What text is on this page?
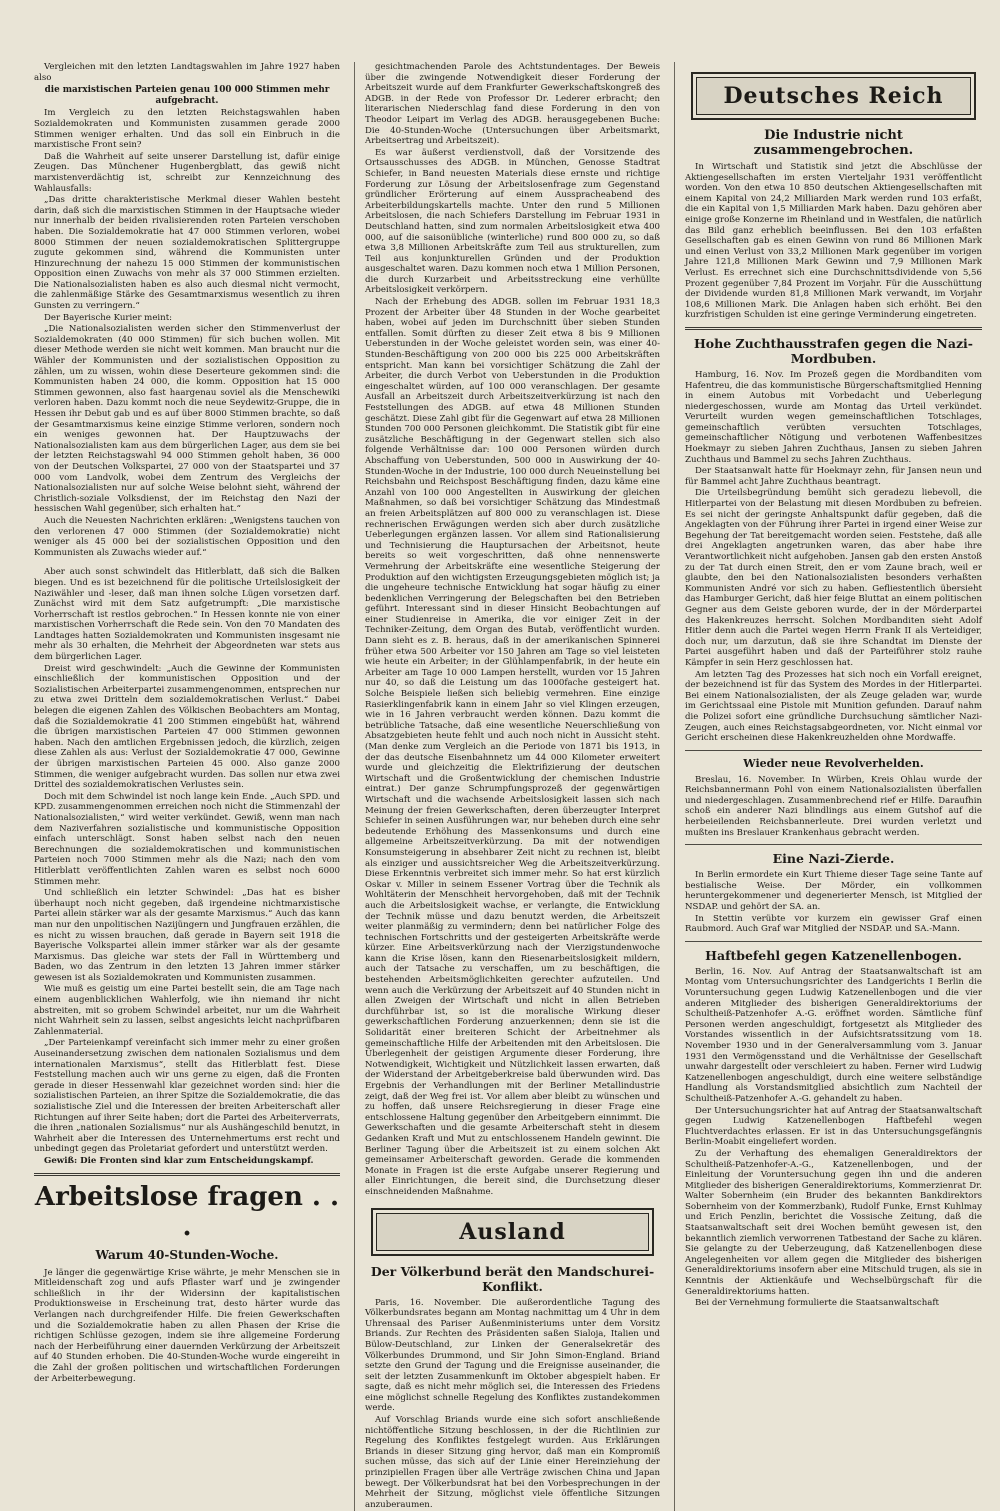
Vergleichen mit den letzten Landtagswahlen im Jahre 1927 haben also

die marxistischen Parteien genau 100 000 Stimmen mehr aufgebracht.

Im Vergleich zu den letzten Reichstagswahlen haben Sozialdemokraten und Kommunisten zusammen gerade 2000 Stimmen weniger erhalten. Und das soll ein Einbruch in die marxistische Front sein?

Daß die Wahrheit auf seite unserer Darstellung ist, dafür einige Zeugen. Das Münchener Hugenbergblatt, das gewiß nicht marxistenverdächtig ist, schreibt zur Kennzeichnung des Wahlausfalls:

„Das dritte charakteristische Merkmal dieser Wahlen besteht darin, daß sich die marxistischen Stimmen in der Hauptsache wieder nur innerhalb der beiden rivalisierenden roten Parteien verschoben haben. Die Sozialdemokratie hat 47 000 Stimmen verloren, wobei 8000 Stimmen der neuen sozialdemokratischen Splittergruppe zugute gekommen sind, während die Kommunisten unter Hinzurechnung der nahezu 15 000 Stimmen der kommunistischen Opposition einen Zuwachs von mehr als 37 000 Stimmen erzielten. Die Nationalsozialisten haben es also auch diesmal nicht vermocht, die zahlenmäßige Stärke des Gesamtmarxismus wesentlich zu ihren Gunsten zu verringern.“

Der Bayerische Kurier meint:

„Die Nationalsozialisten werden sicher den Stimmenverlust der Sozialdemokraten (40 000 Stimmen) für sich buchen wollen. Mit dieser Methode werden sie nicht weit kommen. Man braucht nur die Wähler der Kommunisten und der sozialistischen Opposition zu zählen, um zu wissen, wohin diese Deserteure gekommen sind: die Kommunisten haben 24 000, die komm. Opposition hat 15 000 Stimmen gewonnen, also fast haargenau soviel als die Menschewiki verloren haben. Dazu kommt noch die neue Seydewitz-Gruppe, die in Hessen ihr Debut gab und es auf über 8000 Stimmen brachte, so daß der Gesamtmarxismus keine einzige Stimme verloren, sondern noch ein weniges gewonnen hat. Der Hauptzuwachs der Nationalsozialisten kam aus dem bürgerlichen Lager, aus dem sie bei der letzten Reichstagswahl 94 000 Stimmen geholt haben, 36 000 von der Deutschen Volkspartei, 27 000 von der Staatspartei und 37 000 vom Landvolk, wobei dem Zentrum des Vergleichs der Nationalsozialisten nur auf solche Weise belohnt sieht, während der Christlich-soziale Volksdienst, der im Reichstag den Nazi der hessischen Wahl gegenüber, sich erhalten hat.“

Auch die Neuesten Nachrichten erklären: „Wenigstens tauchen von den verlorenen 47 000 Stimmen (der Sozialdemokratie) nicht weniger als 45 000 bei der sozialistischen Opposition und den Kommunisten als Zuwachs wieder auf.“

Aber auch sonst schwindelt das Hitlerblatt, daß sich die Balken biegen. Und es ist bezeichnend für die politische Urteilslosigkeit der Naziwähler und -leser, daß man ihnen solche Lügen vorsetzen darf. Zunächst wird mit dem Satz aufgetrumpft: „Die marxistische Vorherrschaft ist restlos gebrochen.“ In Hessen konnte nie von einer marxistischen Vorherrschaft die Rede sein. Von den 70 Mandaten des Landtages hatten Sozialdemokraten und Kommunisten insgesamt nie mehr als 30 erhalten, die Mehrheit der Abgeordneten war stets aus dem bürgerlichen Lager.

Dreist wird geschwindelt: „Auch die Gewinne der Kommunisten einschließlich der kommunistischen Opposition und der Sozialistischen Arbeiterpartei zusammengenommen, entsprechen nur zu etwa zwei Dritteln dem sozialdemokratischen Verlust.“ Dabei belegen die eigenen Zahlen des Völkischen Beobachters am Montag, daß die Sozialdemokratie 41 200 Stimmen eingebüßt hat, während die übrigen marxistischen Parteien 47 000 Stimmen gewonnen haben. Nach den amtlichen Ergebnissen jedoch, die kürzlich, zeigen diese Zahlen als aus: Verlust der Sozialdemokratie 47 000, Gewinne der übrigen marxistischen Parteien 45 000. Also ganze 2000 Stimmen, die weniger aufgebracht wurden. Das sollen nur etwa zwei Drittel des sozialdemokratischen Verlustes sein.

Doch mit dem Schwindel ist noch lange kein Ende. „Auch SPD. und KPD. zusammengenommen erreichen noch nicht die Stimmenzahl der Nationalsozialisten,“ wird weiter verkündet. Gewiß, wenn man nach dem Naziverfahren sozialistische und kommunistische Opposition einfach unterschlägt. Sonst haben selbst nach den neuen Berechnungen die sozialdemokratischen und kommunistischen Parteien noch 7000 Stimmen mehr als die Nazi; nach den vom Hitlerblatt veröffentlichten Zahlen waren es selbst noch 6000 Stimmen mehr.

Und schließlich ein letzter Schwindel: „Das hat es bisher überhaupt noch nicht gegeben, daß irgendeine nichtmarxistische Partei allein stärker war als der gesamte Marxismus.“ Auch das kann man nur den unpolitischen Nazijüngern und Jungfrauen erzählen, die es nicht zu wissen brauchen, daß gerade in Bayern seit 1918 die Bayerische Volkspartei allein immer stärker war als der gesamte Marxismus. Das gleiche war stets der Fall in Württemberg und Baden, wo das Zentrum in den letzten 13 Jahren immer stärker gewesen ist als Sozialdemokraten und Kommunisten zusammen.

Wie muß es geistig um eine Partei bestellt sein, die am Tage nach einem augenblicklichen Wahlerfolg, wie ihn niemand ihr nicht abstreiten, mit so grobem Schwindel arbeitet, nur um die Wahrheit nicht Wahrheit sein zu lassen, selbst angesichts leicht nachprüfbaren Zahlenmaterial.

„Der Parteienkampf vereinfacht sich immer mehr zu einer großen Auseinandersetzung zwischen dem nationalen Sozialismus und dem internationalen Marxismus“, stellt das Hitlerblatt fest. Diese Feststellung machen auch wir uns gerne zu eigen, daß die Fronten gerade in dieser Hessenwahl klar gezeichnet worden sind: hier die sozialistischen Parteien, an ihrer Spitze die Sozialdemokratie, die das sozialistische Ziel und die Interessen der breiten Arbeiterschaft aller Richtungen auf ihrer Seite haben; dort die Partei des Arbeiterverrats, die ihren „nationalen Sozialismus“ nur als Aushängeschild benutzt, in Wahrheit aber die Interessen des Unternehmertums erst recht und unbedingt gegen das Proletariat gefordert und unterstützt werden.

Gewiß: Die Fronten sind klar zum Entscheidungskampf.

Arbeitslose fragen . . .
Warum 40-Stunden-Woche.

Je länger die gegenwärtige Krise währte, je mehr Menschen sie in Mitleidenschaft zog und aufs Pflaster warf und je zwingender schließlich in ihr der Widersinn der kapitalistischen Produktionsweise in Erscheinung trat, desto härter wurde das Verlangen nach durchgreifender Hilfe. Die freien Gewerkschaften und die Sozialdemokratie haben zu allen Phasen der Krise die richtigen Schlüsse gezogen, indem sie ihre allgemeine Forderung nach der Herbeiführung einer dauernden Verkürzung der Arbeitszeit auf 40 Stunden erhoben. Die 40-Stunden-Woche wurde eingereiht in die Zahl der großen politischen und wirtschaftlichen Forderungen der Arbeiterbewegung.

gesichtmachenden Parole des Achtstundentages. Der Beweis über die zwingende Notwendigkeit dieser Forderung der Arbeitszeit wurde auf dem Frankfurter Gewerkschaftskongreß des ADGB. in der Rede von Professor Dr. Lederer erbracht; den literarischen Niederschlag fand diese Forderung in den von Theodor Leipart im Verlag des ADGB. herausgegebenen Buche: Die 40-Stunden-Woche (Untersuchungen über Arbeitsmarkt, Arbeitsertrag und Arbeitszeit).

Es war äußerst verdienstvoll, daß der Vorsitzende des Ortsausschusses des ADGB. in München, Genosse Stadtrat Schiefer, in Band neuesten Materials diese ernste und richtige Forderung zur Lösung der Arbeitslosenfrage zum Gegenstand gründlicher Erörterung auf einem Ausspracheabend des Arbeiterbildungskartells machte. Unter den rund 5 Millionen Arbeitslosen, die nach Schiefers Darstellung im Februar 1931 in Deutschland hatten, sind zum normalen Arbeitslosigkeit etwa 400 000, auf die saisonübliche (winterliche) rund 800 000 zu, so daß etwa 3,8 Millionen Arbeitskräfte zum Teil aus strukturellen, zum Teil aus konjunkturellen Gründen und der Produktion ausgeschaltet waren. Dazu kommen noch etwa 1 Million Personen, die durch Kurzarbeit und Arbeitsstreckung eine verhüllte Arbeitslosigkeit verkörpern.

Nach der Erhebung des ADGB. sollen im Februar 1931 18,3 Prozent der Arbeiter über 48 Stunden in der Woche gearbeitet haben, wobei auf jeden im Durchschnitt über sieben Stunden entfallen. Somit dürften zu dieser Zeit etwa 8 bis 9 Millionen Ueberstunden in der Woche geleistet worden sein, was einer 40-Stunden-Beschäftigung von 200 000 bis 225 000 Arbeitskräften entspricht. Man kann bei vorsichtiger Schätzung die Zahl der Arbeiter, die durch Verbot von Ueberstunden in die Produktion eingeschaltet würden, auf 100 000 veranschlagen. Der gesamte Ausfall an Arbeitszeit durch Arbeitszeitverkürzung ist nach den Feststellungen des ADGB. auf etwa 48 Millionen Stunden geschätzt. Diese Zahl gibt für die Gegenwart auf etwa 28 Millionen Stunden 700 000 Personen gleichkommt. Die Statistik gibt für eine zusätzliche Beschäftigung in der Gegenwart stellen sich also folgende Verhältnisse dar: 100 000 Personen würden durch Abschaffung von Ueberstunden, 500 000 in Auswirkung der 40-Stunden-Woche in der Industrie, 100 000 durch Neueinstellung bei Reichsbahn und Reichspost Beschäftigung finden, dazu käme eine Anzahl von 100 000 Angestellten in Auswirkung der gleichen Maßnahmen, so daß bei vorsichtiger Schätzung das Mindestmaß an freien Arbeitsplätzen auf 800 000 zu veranschlagen ist. Diese rechnerischen Erwägungen werden sich aber durch zusätzliche Ueberlegungen ergänzen lassen. Vor allem sind Rationalisierung und Technisierung die Hauptursachen der Arbeitsnot, heute bereits so weit vorgeschritten, daß ohne nennenswerte Vermehrung der Arbeitskräfte eine wesentliche Steigerung der Produktion auf den wichtigsten Erzeugungsgebieten möglich ist; ja die ungeheure technische Entwicklung hat sogar häufig zu einer bedenklichen Verringerung der Belegschaften bei den Betrieben geführt. Interessant sind in dieser Hinsicht Beobachtungen auf einer Studienreise in Amerika, die vor einiger Zeit in der Techniker-Zeitung, dem Organ des Butab, veröffentlicht wurden. Dann sieht es z. B. heraus, daß in der amerikanischen Spinnerei früher etwa 500 Arbeiter vor 150 Jahren am Tage so viel leisteten wie heute ein Arbeiter; in der Glühlampenfabrik, in der heute ein Arbeiter am Tage 10 000 Lampen herstellt, wurden vor 15 Jahren nur 40, so daß die Leistung um das 1000fache gesteigert hat. Solche Beispiele ließen sich beliebig vermehren. Eine einzige Rasierklingenfabrik kann in einem Jahr so viel Klingen erzeugen, wie in 16 Jahren verbraucht werden können. Dazu kommt die betrübliche Tatsache, daß eine wesentliche Neuerschließung von Absatzgebieten heute fehlt und auch noch nicht in Aussicht steht. (Man denke zum Vergleich an die Periode von 1871 bis 1913, in der das deutsche Eisenbahnnetz um 44 000 Kilometer erweitert wurde und gleichzeitig die Elektrifizierung der deutschen Wirtschaft und die Großentwicklung der chemischen Industrie eintrat.) Der ganze Schrumpfungsprozeß der gegenwärtigen Wirtschaft und die wachsende Arbeitslosigkeit lassen sich nach Meinung der freien Gewerkschaften, deren überzeugter Interpret Schiefer in seinen Ausführungen war, nur beheben durch eine sehr bedeutende Erhöhung des Massenkonsums und durch eine allgemeine Arbeitszeitverkürzung. Da mit der notwendigen Konsumsteigerung in absehbarer Zeit nicht zu rechnen ist, bleibt als einziger und aussichtsreicher Weg die Arbeitszeitverkürzung. Diese Erkenntnis verbreitet sich immer mehr. So hat erst kürzlich Oskar v. Miller in seinem Essener Vortrag über die Technik als Wohltäterin der Menschheit hervorgehoben, daß mit der Technik auch die Arbeitslosigkeit wachse, er verlangte, die Entwicklung der Technik müsse und dazu benutzt werden, die Arbeitszeit weiter planmäßig zu vermindern; denn bei natürlicher Folge des technischen Fortschritts und der gesteigerten Arbeitskräfte werde kürzer. Eine Arbeitsverkürzung nach der Vierzigstundenwoche kann die Krise lösen, kann den Riesenarbeitslosigkeit mildern, auch der Tatsache zu verschaffen, um zu beschäftigen, die bestehenden Arbeitsmöglichkeiten gerechter aufzuteilen. Und wenn auch die Verkürzung der Arbeitszeit auf 40 Stunden nicht in allen Zweigen der Wirtschaft und nicht in allen Betrieben durchführbar ist, so ist die moralische Wirkung dieser gewerkschaftlichen Forderung anzuerkennen; denn sie ist die Solidarität einer breiteren Schicht der Arbeitnehmer als gemeinschaftliche Hilfe der Arbeitenden mit den Arbeitslosen. Die Überlegenheit der geistigen Argumente dieser Forderung, ihre Notwendigkeit, Wichtigkeit und Nützlichkeit lassen erwarten, daß der Widerstand der Arbeitgeberkreise bald überwunden wird. Das Ergebnis der Verhandlungen mit der Berliner Metallindustrie zeigt, daß der Weg frei ist. Vor allem aber bleibt zu wünschen und zu hoffen, daß unsere Reichsregierung in dieser Frage eine entschlossene Haltung gegenüber den Arbeitgebern einnimmt. Die Gewerkschaften und die gesamte Arbeiterschaft steht in diesem Gedanken Kraft und Mut zu entschlossenem Handeln gewinnt. Die Berliner Tagung über die Arbeitszeit ist zu einem solchen Akt gemeinsamer Arbeiterschaft geworden. Gerade die kommenden Monate in Fragen ist die erste Aufgabe unserer Regierung und aller Einrichtungen, die bereit sind, die Durchsetzung dieser einschneidenden Maßnahme.

Ausland
Der Völkerbund berät den Mandschurei-Konflikt.

Paris, 16. November. Die außerordentliche Tagung des Völkerbundsrates begann am Montag nachmittag um 4 Uhr in dem Uhrensaal des Pariser Außenministeriums unter dem Vorsitz Briands. Zur Rechten des Präsidenten saßen Sialoja, Italien und Bülow-Deutschland, zur Linken der Generalsekretär des Völkerbundes Drummond, und Sir John Simon-England. Briand setzte den Grund der Tagung und die Ereignisse auseinander, die seit der letzten Zusammenkunft im Oktober abgespielt haben. Er sagte, daß es nicht mehr möglich sei, die Interessen des Friedens eine möglichst schnelle Regelung des Konfliktes zustandekommen werde.

Auf Vorschlag Briands wurde eine sich sofort anschließende nichtöffentliche Sitzung beschlossen, in der die Richtlinien zur Regelung des Konfliktes festgelegt wurden. Aus Erklärungen Briands in dieser Sitzung ging hervor, daß man ein Kompromiß suchen müsse, das sich auf der Linie einer Hereinziehung der prinzipiellen Fragen über alle Verträge zwischen China und Japan bewegt. Der Völkerbundsrat hat bei den Vorbesprechungen in der Mehrheit der Sitzung, möglichst viele öffentliche Sitzungen anzuberaumen.

Deutsches Reich
Die Industrie nicht zusammengebrochen.

In Wirtschaft und Statistik sind jetzt die Abschlüsse der Aktiengesellschaften im ersten Vierteljahr 1931 veröffentlicht worden. Von den etwa 10 850 deutschen Aktiengesellschaften mit einem Kapital von 24,2 Milliarden Mark werden rund 103 erfaßt, die ein Kapital von 1,5 Milliarden Mark haben. Dazu gehören aber einige große Konzerne im Rheinland und in Westfalen, die natürlich das Bild ganz erheblich beeinflussen. Bei den 103 erfaßten Gesellschaften gab es einen Gewinn von rund 86 Millionen Mark und einen Verlust von 33,2 Millionen Mark gegenüber im vorigen Jahre 121,8 Millionen Mark Gewinn und 7,9 Millionen Mark Verlust. Es errechnet sich eine Durchschnittsdividende von 5,56 Prozent gegenüber 7,84 Prozent im Vorjahr. Für die Ausschüttung der Dividende wurden 81,8 Millionen Mark verwandt, im Vorjahr 108,6 Millionen Mark. Die Anlagen haben sich erhöht. Bei den kurzfristigen Schulden ist eine geringe Verminderung eingetreten.

Hohe Zuchthausstrafen gegen die Nazi-Mordbuben.

Hamburg, 16. Nov. Im Prozeß gegen die Mordbanditen vom Hafentreu, die das kommunistische Bürgerschaftsmitglied Henning in einem Autobus mit Vorbedacht und Ueberlegung niedergeschossen, wurde am Montag das Urteil verkündet. Verurteilt wurden wegen gemeinschaftlichen Totschlages, gemeinschaftlich verübten versuchten Totschlages, gemeinschaftlicher Nötigung und verbotenen Waffenbesitzes Hoekmayr zu sieben Jahren Zuchthaus, Jansen zu sieben Jahren Zuchthaus und Bammel zu sechs Jahren Zuchthaus.

Der Staatsanwalt hatte für Hoekmayr zehn, für Jansen neun und für Bammel acht Jahre Zuchthaus beantragt.

Die Urteilsbegründung bemüht sich geradezu liebevoll, die Hitlerpartei von der Belastung mit diesen Mordbuben zu befreien. Es sei nicht der geringste Anhaltspunkt dafür gegeben, daß die Angeklagten von der Führung ihrer Partei in irgend einer Weise zur Begehung der Tat bereitgemacht worden seien. Feststehe, daß alle drei Angeklagten angetrunken waren, das aber habe ihre Verantwortlichkeit nicht aufgehoben. Jansen gab den ersten Anstoß zu der Tat durch einen Streit, den er vom Zaune brach, weil er glaubte, den bei den Nationalsozialisten besonders verhaßten Kommunisten André vor sich zu haben. Gefliestentlich übersieht das Hamburger Gericht, daß hier feige Bluttat an einem politischen Gegner aus dem Geiste geboren wurde, der in der Mörderpartei des Hakenkreuzes herrscht. Solchen Mordbanditen sieht Adolf Hitler denn auch die Partei wegen Herrn Frank II als Verteidiger, doch nur, um darzutun, daß sie ihre Schandtat im Dienste der Partei ausgeführt haben und daß der Parteiführer stolz rauhe Kämpfer in sein Herz geschlossen hat.

Am letzten Tag des Prozesses hat sich noch ein Vorfall ereignet, der bezeichnend ist für das System des Mordes in der Hitlerpartei. Bei einem Nationalsozialisten, der als Zeuge geladen war, wurde im Gerichtssaal eine Pistole mit Munition gefunden. Darauf nahm die Polizei sofort eine gründliche Durchsuchung sämtlicher Nazi-Zeugen, auch eines Reichstagsabgeordneten, vor. Nicht einmal vor Gericht erscheinen diese Hakenkreuzhelden ohne Mordwaffe.

Wieder neue Revolverhelden.

Breslau, 16. November. In Würben, Kreis Ohlau wurde der Reichsbannermann Pohl von einem Nationalsozialisten überfallen und niedergeschlagen. Zusammenbrechend rief er Hilfe. Daraufhin schoß ein anderer Nazi blindlings aus einem Gutshof auf die herbeieilenden Reichsbannerleute. Drei wurden verletzt und mußten ins Breslauer Krankenhaus gebracht werden.

Eine Nazi-Zierde.

In Berlin ermordete ein Kurt Thieme dieser Tage seine Tante auf bestialische Weise. Der Mörder, ein vollkommen heruntergekommener und degenerierter Mensch, ist Mitglied der NSDAP. und gehört der SA. an.

In Stettin verübte vor kurzem ein gewisser Graf einen Raubmord. Auch Graf war Mitglied der NSDAP. und SA.-Mann.

Haftbefehl gegen Katzenellenbogen.

Berlin, 16. Nov. Auf Antrag der Staatsanwaltschaft ist am Montag vom Untersuchungsrichter des Landgerichts I Berlin die Voruntersuchung gegen Ludwig Katzenellenbogen und die vier anderen Mitglieder des bisherigen Generaldirektoriums der Schultheiß-Patzenhofer A.-G. eröffnet worden. Sämtliche fünf Personen werden angeschuldigt, fortgesetzt als Mitglieder des Vorstandes wissentlich in der Aufsichtsratssitzung vom 18. November 1930 und in der Generalversammlung vom 3. Januar 1931 den Vermögensstand und die Verhältnisse der Gesellschaft unwahr dargestellt oder verschleiert zu haben. Ferner wird Ludwig Katzenellenbogen angeschuldigt, durch eine weitere selbständige Handlung als Vorstandsmitglied absichtlich zum Nachteil der Schultheiß-Patzenhofer A.-G. gehandelt zu haben.

Der Untersuchungsrichter hat auf Antrag der Staatsanwaltschaft gegen Ludwig Katzenellenbogen Haftbefehl wegen Fluchtverdachtes erlassen. Er ist in das Untersuchungsgefängnis Berlin-Moabit eingeliefert worden.

Zu der Verhaftung des ehemaligen Generaldirektors der Schultheiß-Patzenhofer-A.-G., Katzenellenbogen, und der Einleitung der Voruntersuchung gegen ihn und die anderen Mitglieder des bisherigen Generaldirektoriums, Kommerzienrat Dr. Walter Sobernheim (ein Bruder des bekannten Bankdirektors Sobernheim von der Kommerzbank), Rudolf Funke, Ernst Kuhlmay und Erich Penzlin, berichtet die Vossische Zeitung, daß die Staatsanwaltschaft seit drei Wochen bemüht gewesen ist, den bekanntlich ziemlich verworrenen Tatbestand der Sache zu klären. Sie gelangte zu der Ueberzeugung, daß Katzenellenbogen diese Angelegenheiten vor allem gegen die Mitglieder des bisherigen Generaldirektoriums insofern aber eine Mitschuld trugen, als sie in Kenntnis der Aktienkäufe und Wechselbürgschaft für die Generaldirektoriums hatten.

Bei der Vernehmung formulierte die Staatsanwaltschaft
